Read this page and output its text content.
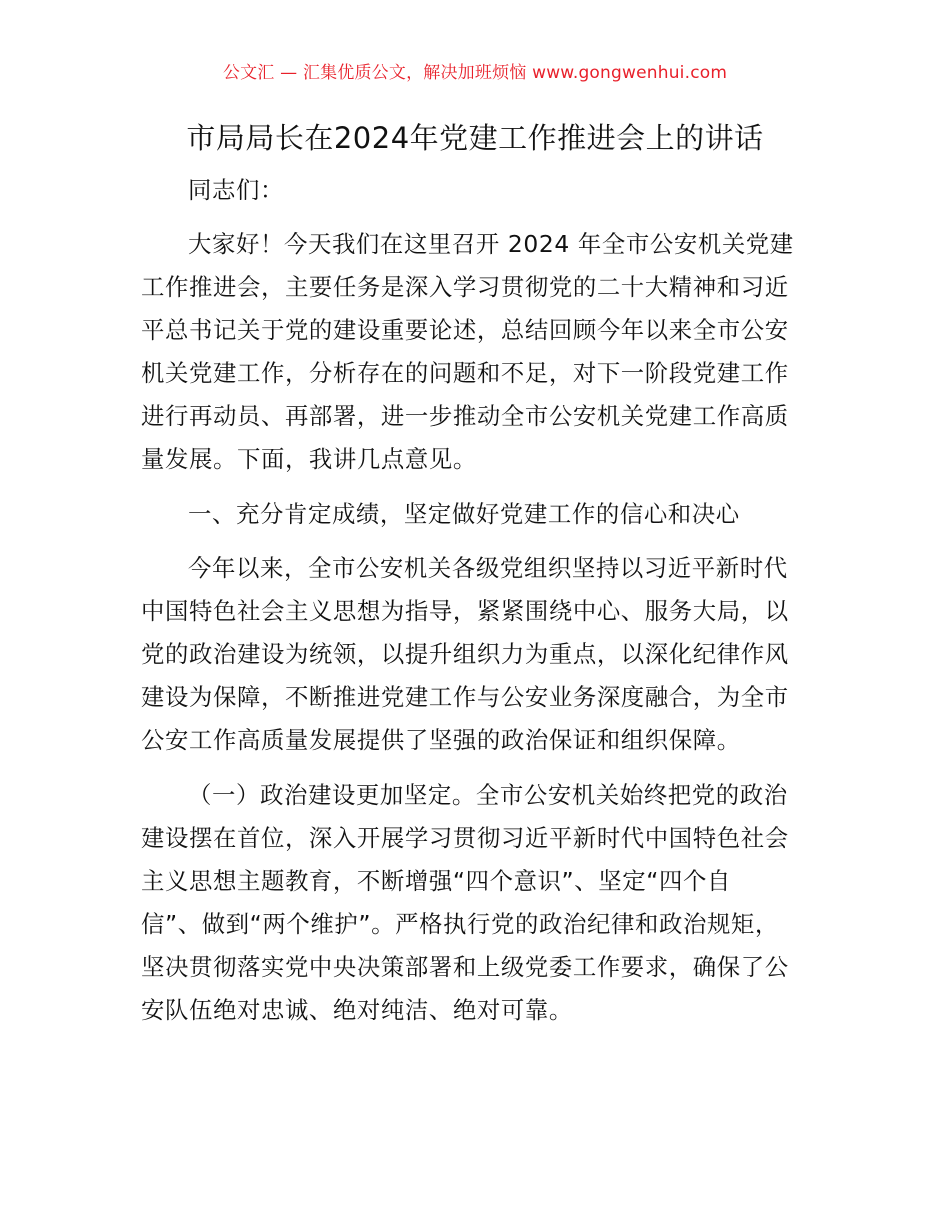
公文汇 — 汇集优质公文，解决加班烦恼 www.gongwenhui.com
市局局长在2024年党建工作推进会上的讲话
同志们：
大家好！今天我们在这里召开 2024 年全市公安机关党建
工作推进会，主要任务是深入学习贯彻党的二十大精神和习近
平总书记关于党的建设重要论述，总结回顾今年以来全市公安
机关党建工作，分析存在的问题和不足，对下一阶段党建工作
进行再动员、再部署，进一步推动全市公安机关党建工作高质
量发展。下面，我讲几点意见。
一、充分肯定成绩，坚定做好党建工作的信心和决心
今年以来，全市公安机关各级党组织坚持以习近平新时代
中国特色社会主义思想为指导，紧紧围绕中心、服务大局，以
党的政治建设为统领，以提升组织力为重点，以深化纪律作风
建设为保障，不断推进党建工作与公安业务深度融合，为全市
公安工作高质量发展提供了坚强的政治保证和组织保障。
（一）政治建设更加坚定。全市公安机关始终把党的政治
建设摆在首位，深入开展学习贯彻习近平新时代中国特色社会
主义思想主题教育，不断增强“四个意识”、坚定“四个自
信”、做到“两个维护”。严格执行党的政治纪律和政治规矩，
坚决贯彻落实党中央决策部署和上级党委工作要求，确保了公
安队伍绝对忠诚、绝对纯洁、绝对可靠。
